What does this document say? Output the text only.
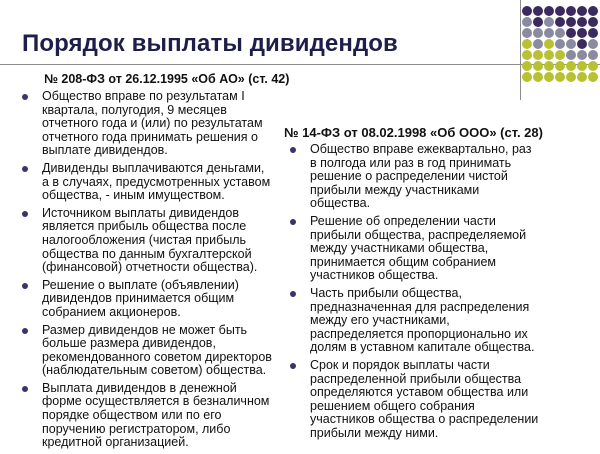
Порядок выплаты дивидендов
№ 208-ФЗ от 26.12.1995 «Об АО» (ст. 42)
Общество вправе по результатам I
квартала, полугодия, 9 месяцев
отчетного года и (или) по результатам
отчетного года принимать решения о
выплате дивидендов.
Дивиденды выплачиваются деньгами,
а в случаях, предусмотренных уставом
общества, - иным имуществом.
Источником выплаты дивидендов
является прибыль общества после
налогообложения (чистая прибыль
общества по данным бухгалтерской
(финансовой) отчетности общества).
Решение о выплате (объявлении)
дивидендов принимается общим
собранием акционеров.
Размер дивидендов не может быть
больше размера дивидендов,
рекомендованного советом директоров
(наблюдательным советом) общества.
Выплата дивидендов в денежной
форме осуществляется в безналичном
порядке обществом или по его
поручению регистратором, либо
кредитной организацией.
№ 14-ФЗ от 08.02.1998 «Об ООО» (ст. 28)
Общество вправе ежеквартально, раз
в полгода или раз в год принимать
решение о распределении чистой
прибыли между участниками
общества.
Решение об определении части
прибыли общества, распределяемой
между участниками общества,
принимается общим собранием
участников общества.
Часть прибыли общества,
предназначенная для распределения
между его участниками,
распределяется пропорционально их
долям в уставном капитале общества.
Срок и порядок выплаты части
распределенной прибыли общества
определяются уставом общества или
решением общего собрания
участников общества о распределении
прибыли между ними.
